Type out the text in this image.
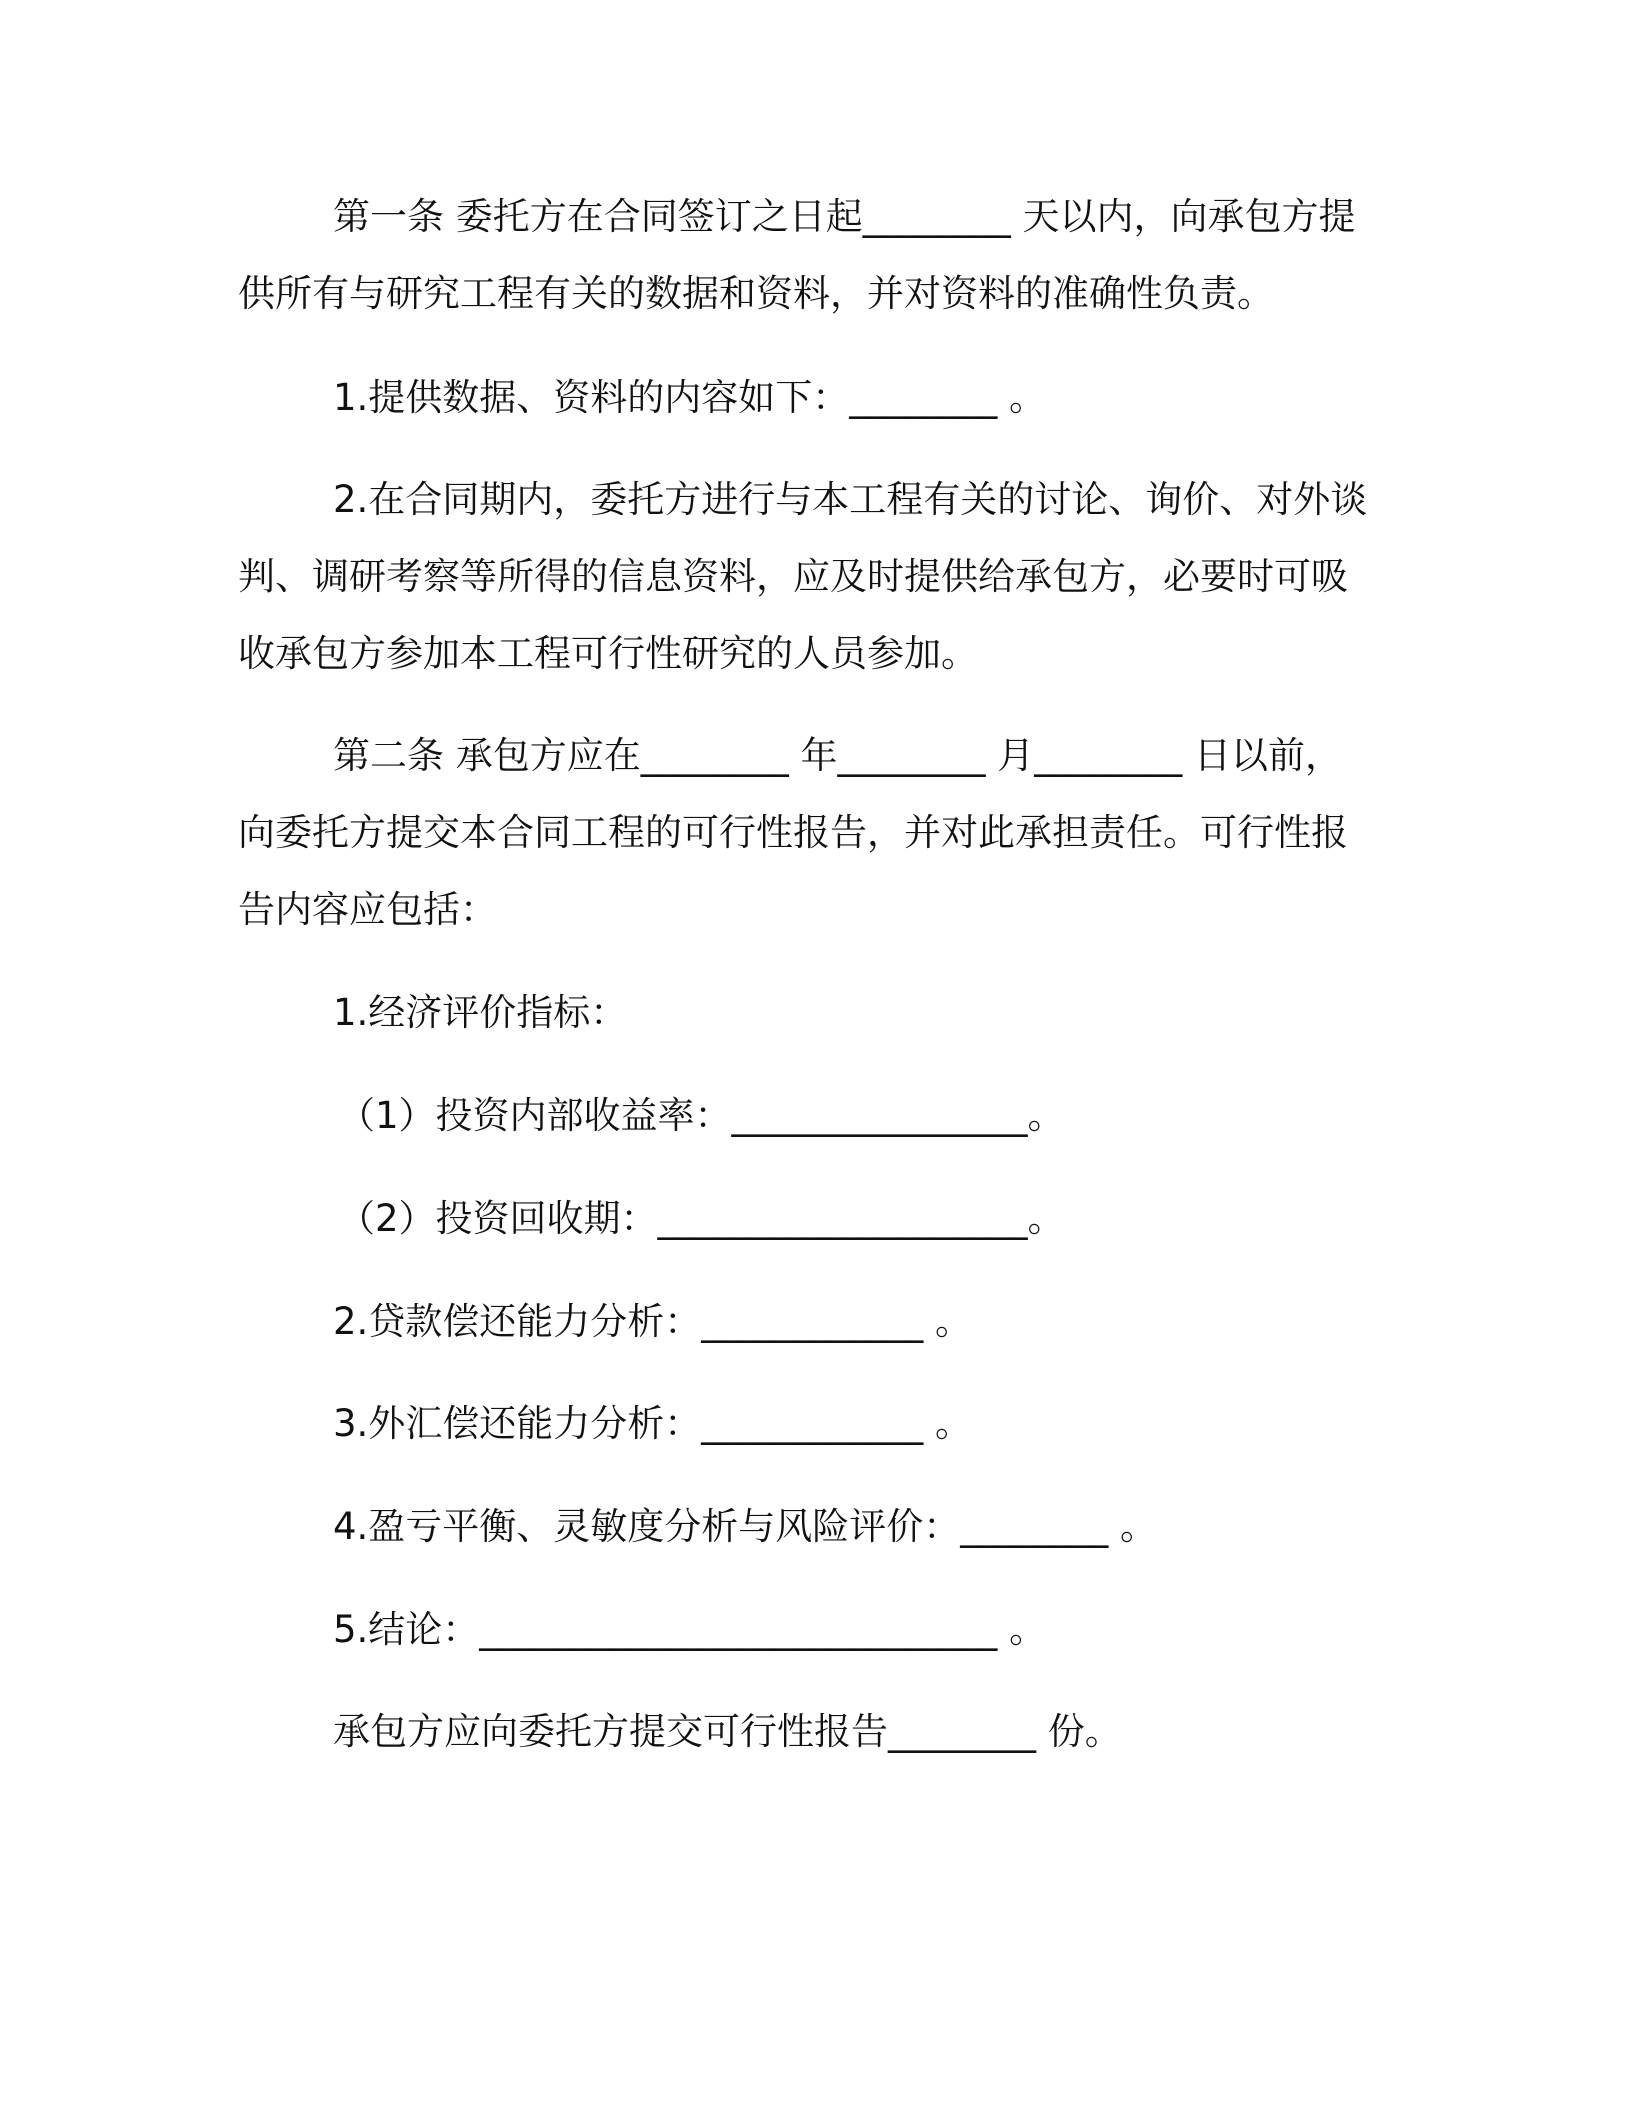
第一条 委托方在合同签订之日起________ 天以内，向承包方提
供所有与研究工程有关的数据和资料，并对资料的准确性负责。
1.提供数据、资料的内容如下：________ 。
2.在合同期内，委托方进行与本工程有关的讨论、询价、对外谈
判、调研考察等所得的信息资料，应及时提供给承包方，必要时可吸
收承包方参加本工程可行性研究的人员参加。
第二条 承包方应在________ 年________ 月________ 日以前，
向委托方提交本合同工程的可行性报告，并对此承担责任。可行性报
告内容应包括：
1.经济评价指标：
（1）投资内部收益率：________________。
（2）投资回收期：____________________。
2.贷款偿还能力分析：____________ 。
3.外汇偿还能力分析：____________ 。
4.盈亏平衡、灵敏度分析与风险评价：________ 。
5.结论：____________________________ 。
承包方应向委托方提交可行性报告________ 份。
